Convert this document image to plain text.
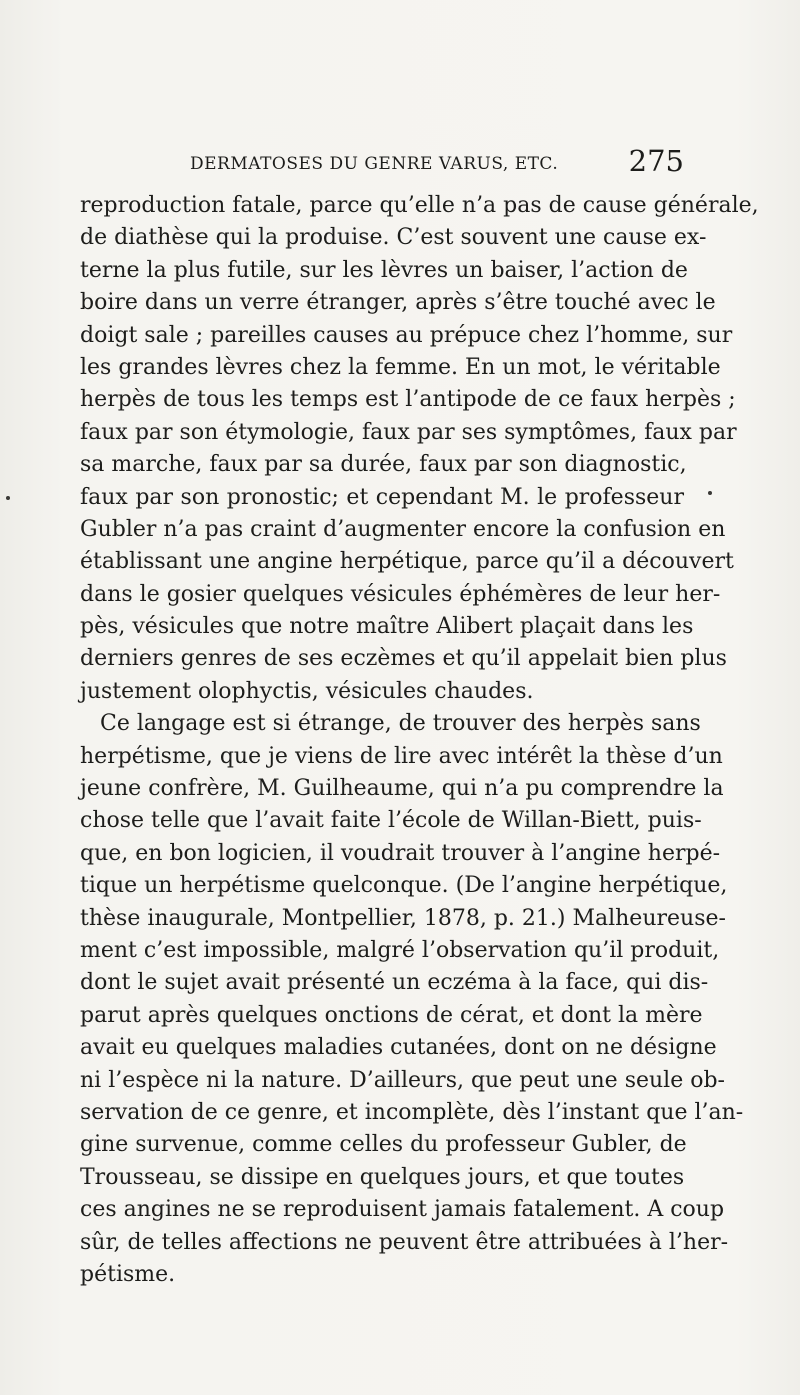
DERMATOSES DU GENRE VARUS, ETC. 275
reproduction fatale, parce qu’elle n’a pas de cause générale,
de diathèse qui la produise. C’est souvent une cause ex-
terne la plus futile, sur les lèvres un baiser, l’action de
boire dans un verre étranger, après s’être touché avec le
doigt sale ; pareilles causes au prépuce chez l’homme, sur
les grandes lèvres chez la femme. En un mot, le véritable
herpès de tous les temps est l’antipode de ce faux herpès ;
faux par son étymologie, faux par ses symptômes, faux par
sa marche, faux par sa durée, faux par son diagnostic,
faux par son pronostic; et cependant M. le professeur
Gubler n’a pas craint d’augmenter encore la confusion en
établissant une angine herpétique, parce qu’il a découvert
dans le gosier quelques vésicules éphémères de leur her-
pès, vésicules que notre maître Alibert plaçait dans les
derniers genres de ses eczèmes et qu’il appelait bien plus
justement olophyctis, vésicules chaudes.
Ce langage est si étrange, de trouver des herpès sans
herpétisme, que je viens de lire avec intérêt la thèse d’un
jeune confrère, M. Guilheaume, qui n’a pu comprendre la
chose telle que l’avait faite l’école de Willan-Biett, puis-
que, en bon logicien, il voudrait trouver à l’angine herpé-
tique un herpétisme quelconque. (De l’angine herpétique,
thèse inaugurale, Montpellier, 1878, p. 21.) Malheureuse-
ment c’est impossible, malgré l’observation qu’il produit,
dont le sujet avait présenté un eczéma à la face, qui dis-
parut après quelques onctions de cérat, et dont la mère
avait eu quelques maladies cutanées, dont on ne désigne
ni l’espèce ni la nature. D’ailleurs, que peut une seule ob-
servation de ce genre, et incomplète, dès l’instant que l’an-
gine survenue, comme celles du professeur Gubler, de
Trousseau, se dissipe en quelques jours, et que toutes
ces angines ne se reproduisent jamais fatalement. A coup
sûr, de telles affections ne peuvent être attribuées à l’her-
pétisme.
